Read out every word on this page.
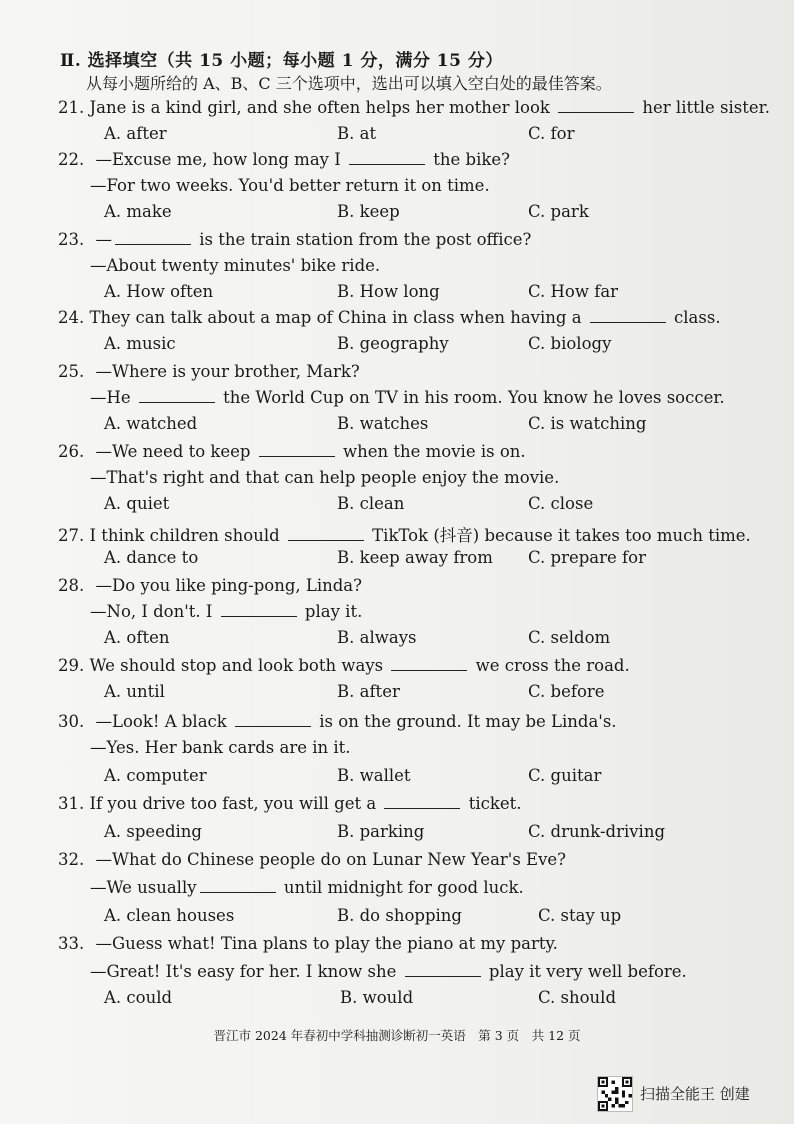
Ⅱ. 选择填空（共 15 小题；每小题 1 分，满分 15 分）
从每小题所给的 A、B、C 三个选项中，选出可以填入空白处的最佳答案。
21. Jane is a kind girl, and she often helps her mother look	her little sister.
A. after	B. at	C. for
22. —Excuse me, how long may I	the bike?
—For two weeks. You'd better return it on time.
A. make	B. keep	C. park
23. —	is the train station from the post office?
—About twenty minutes' bike ride.
A. How often	B. How long	C. How far
24. They can talk about a map of China in class when having a	class.
A. music	B. geography	C. biology
25. —Where is your brother, Mark?
—He	the World Cup on TV in his room. You know he loves soccer.
A. watched	B. watches	C. is watching
26. —We need to keep	when the movie is on.
—That's right and that can help people enjoy the movie.
A. quiet	B. clean	C. close
27. I think children should	TikTok (抖音) because it takes too much time.
A. dance to	B. keep away from C. prepare for
28. —Do you like ping-pong, Linda?
—No, I don't. I	play it.
A. often	B. always	C. seldom
29. We should stop and look both ways	we cross the road.
A. until	B. after	C. before
30. —Look! A black	is on the ground. It may be Linda's.
—Yes. Her bank cards are in it.
A. computer	B. wallet	C. guitar
31. If you drive too fast, you will get a	ticket.
A. speeding	B. parking	C. drunk-driving
32. —What do Chinese people do on Lunar New Year's Eve?
—We usually	until midnight for good luck.
A. clean houses	B. do shopping	C. stay up
33. —Guess what! Tina plans to play the piano at my party.
—Great! It's easy for her. I know she	play it very well before.
A. could	B. would	C. should
晋江市 2024 年春初中学科抽测诊断初一英语　第 3 页　共 12 页
扫描全能王 创建
